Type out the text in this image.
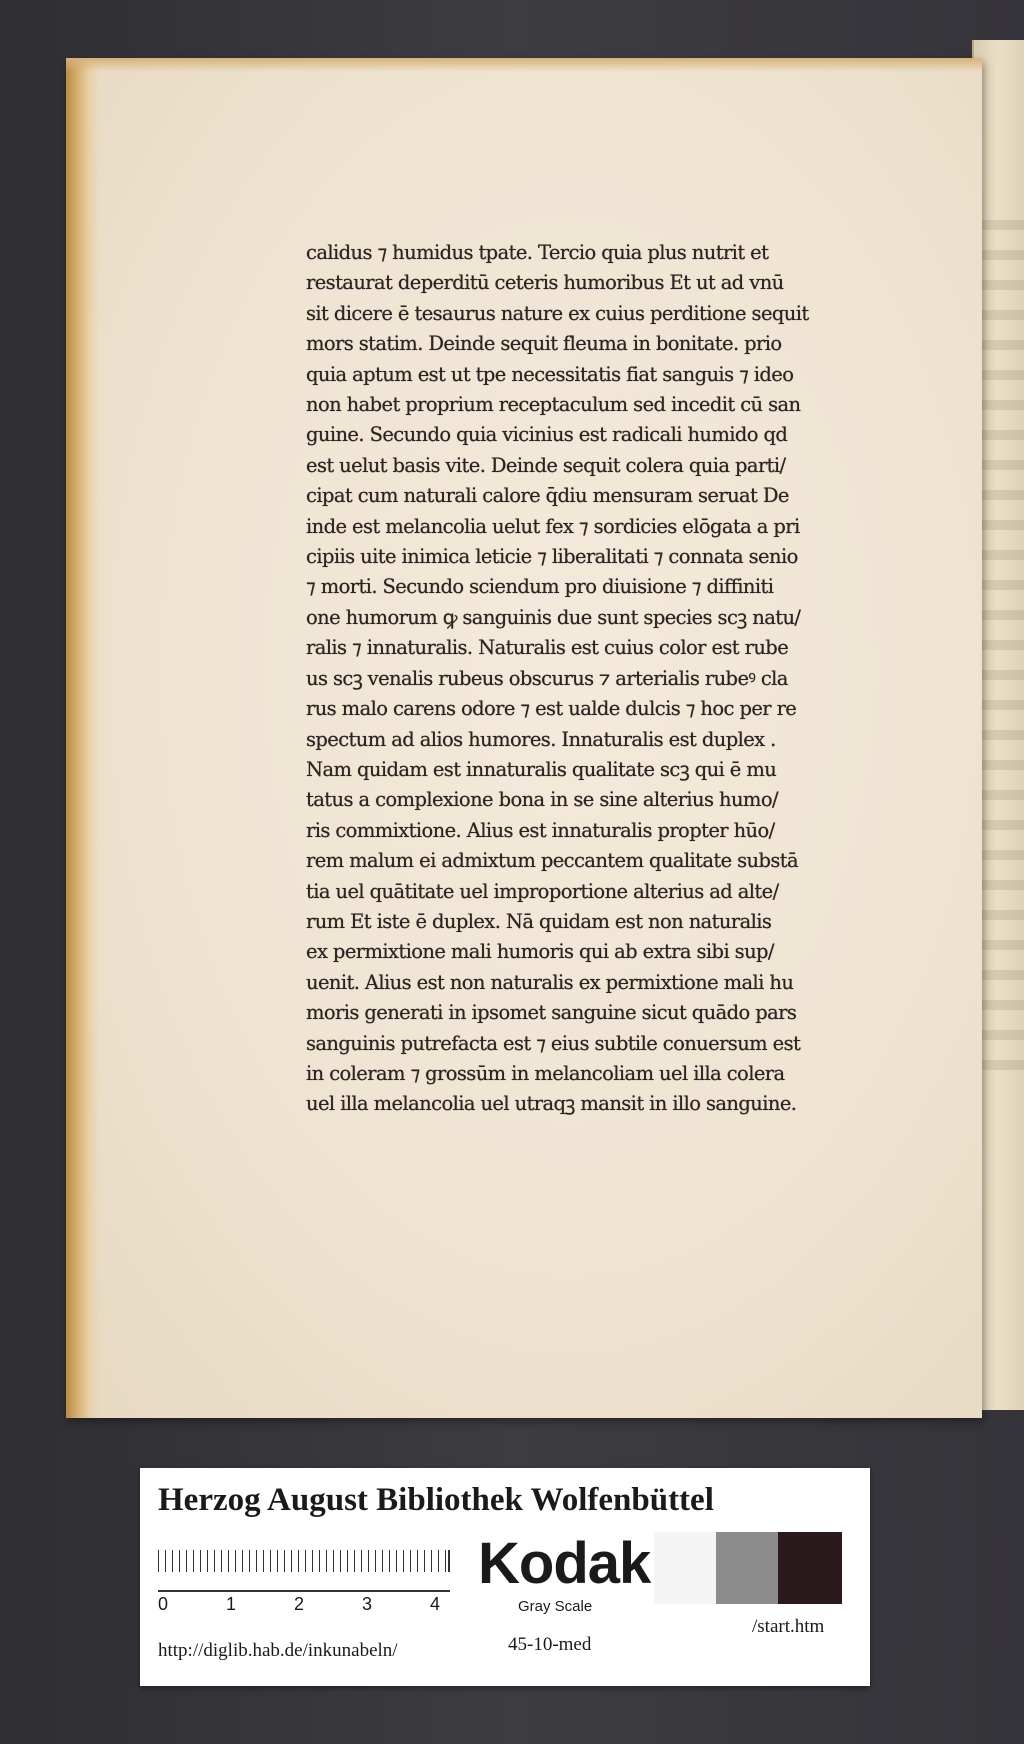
calidus ⁊ humidus tpate. Tercio quia plus nutrit et
restaurat deperditū ceteris humoribus Et ut ad vnū
sit dicere ē tesaurus nature ex cuius perditione sequit
mors statim. Deinde sequit fleuma in bonitate. prio
quia aptum est ut tpe necessitatis fiat sanguis ⁊ ideo
non habet proprium receptaculum sed incedit cū san
guine. Secundo quia vicinius est radicali humido qd
est uelut basis vite. Deinde sequit colera quia parti/
cipat cum naturali calore q̄diu mensuram seruat De
inde est melancolia uelut fex ⁊ sordicies elōgata a pri
cipiis uite inimica leticie ⁊ liberalitati ⁊ connata senio
⁊ morti. Secundo sciendum pro diuisione ⁊ diffiniti
one humorum ꝙ sanguinis due sunt species scꝫ natu/
ralis ⁊ innaturalis. Naturalis est cuius color est rube
us scꝫ venalis rubeus obscurus ⁊ arterialis rubeꝰ cla
rus malo carens odore ⁊ est ualde dulcis ⁊ hoc per re
spectum ad alios humores. Innaturalis est duplex .
Nam quidam est innaturalis qualitate scꝫ qui ē mu
tatus a complexione bona in se sine alterius humo/
ris commixtione. Alius est innaturalis propter hūo/
rem malum ei admixtum peccantem qualitate substā
tia uel quātitate uel improportione alterius ad alte/
rum Et iste ē duplex. Nā quidam est non naturalis
ex permixtione mali humoris qui ab extra sibi sup/
uenit. Alius est non naturalis ex permixtione mali hu
moris generati in ipsomet sanguine sicut quādo pars
sanguinis putrefacta est ⁊ eius subtile conuersum est
in coleram ⁊ grossūm in melancoliam uel illa colera
uel illa melancolia uel utraqꝫ mansit in illo sanguine.
Herzog August Bibliothek Wolfenbüttel
0	1	2	3	4
Kodak
Gray Scale
http://diglib.hab.de/inkunabeln/	45-10-med
/start.htm
